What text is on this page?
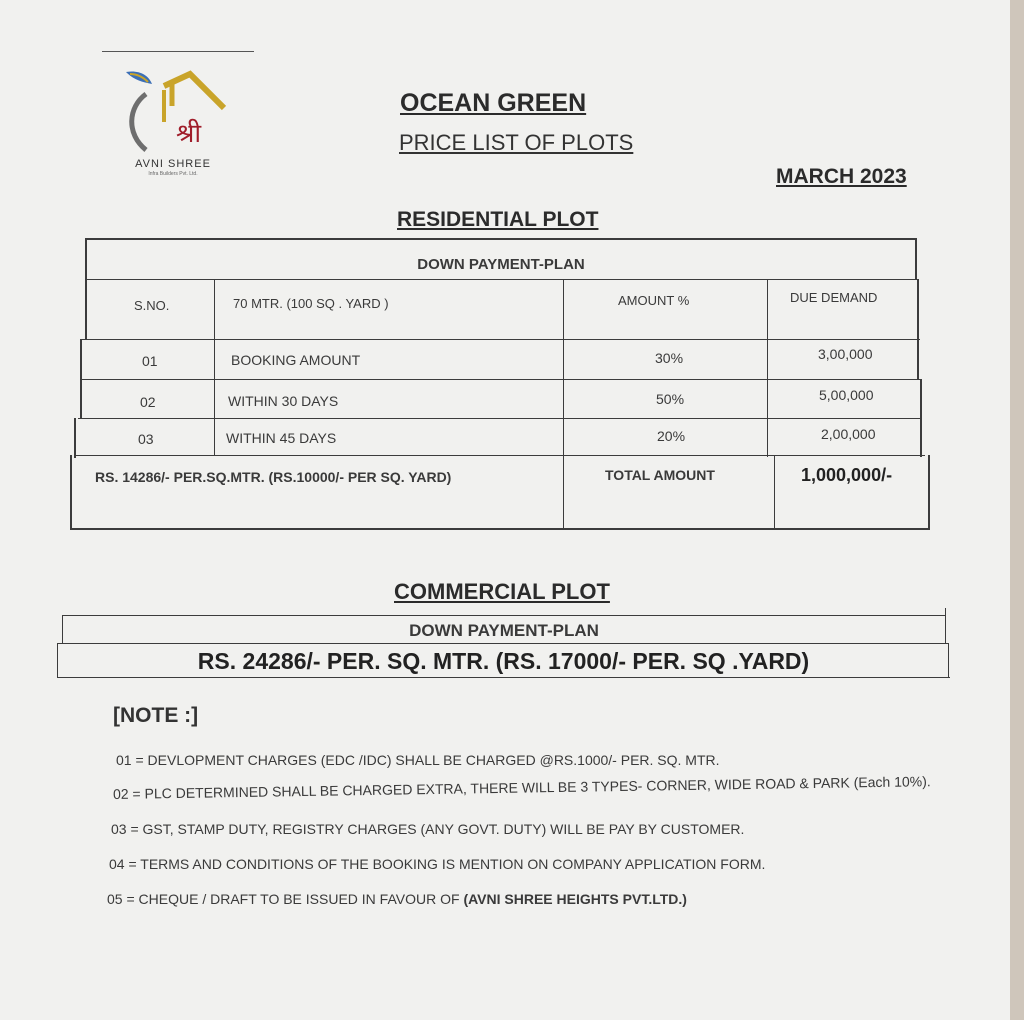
श्री
AVNI SHREE
Infra Builders Pvt. Ltd.
OCEAN GREEN
PRICE LIST OF PLOTS
MARCH 2023
RESIDENTIAL PLOT
DOWN PAYMENT-PLAN
S.NO.	70 MTR. (100 SQ . YARD )	AMOUNT %	DUE DEMAND
01	BOOKING AMOUNT	30%	3,00,000
02	WITHIN 30 DAYS	50%	5,00,000
03	WITHIN 45 DAYS	20%	2,00,000
RS. 14286/- PER.SQ.MTR. (RS.10000/- PER SQ. YARD)	TOTAL AMOUNT	1,000,000/-
COMMERCIAL PLOT
DOWN PAYMENT-PLAN
RS. 24286/- PER. SQ. MTR. (RS. 17000/- PER. SQ .YARD)
[NOTE :]
01 = DEVLOPMENT CHARGES (EDC /IDC) SHALL BE CHARGED @RS.1000/- PER. SQ. MTR.
02 = PLC DETERMINED SHALL BE CHARGED EXTRA, THERE WILL BE 3 TYPES- CORNER, WIDE ROAD & PARK (Each 10%).
03 = GST, STAMP DUTY, REGISTRY CHARGES (ANY GOVT. DUTY) WILL BE PAY BY CUSTOMER.
04 = TERMS AND CONDITIONS OF THE BOOKING IS MENTION ON COMPANY APPLICATION FORM.
05 = CHEQUE / DRAFT TO BE ISSUED IN FAVOUR OF (AVNI SHREE HEIGHTS PVT.LTD.)
